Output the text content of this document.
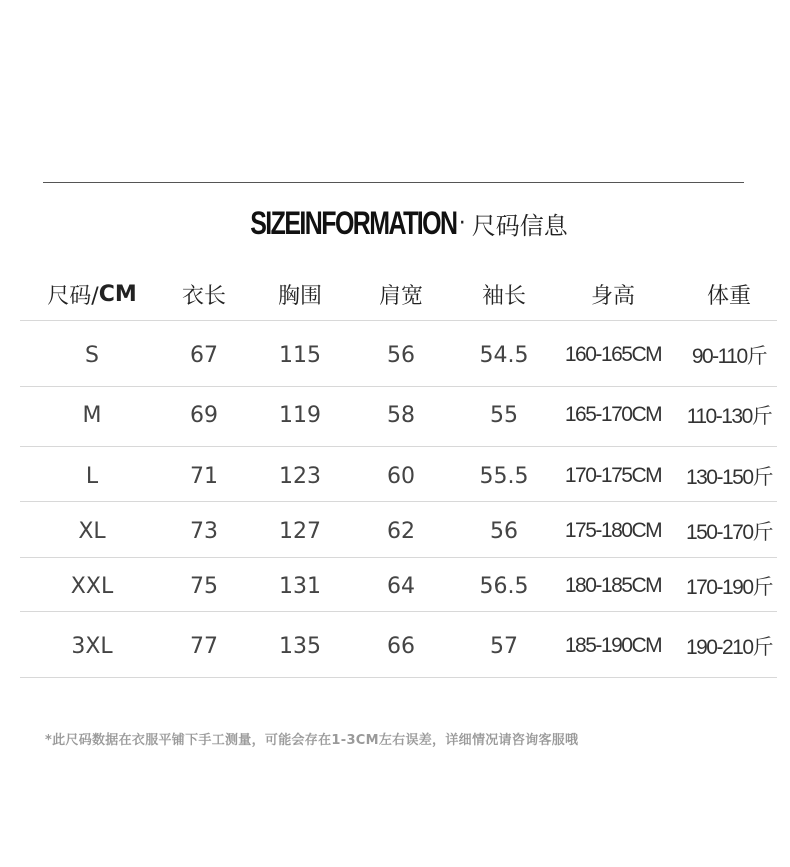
SIZEINFORMATION · 尺码信息
尺码/ CM	衣长	胸围	肩宽	袖长	身高	体重
S	67	115	56	54.5	160-165CM	90-110斤
M	69	119	58	55	165-170CM	110-130斤
L	71	123	60	55.5	170-175CM	130-150斤
XL	73	127	62	56	175-180CM	150-170斤
XXL	75	131	64	56.5	180-185CM	170-190斤
3XL	77	135	66	57	185-190CM	190-210斤
*此尺码数据在衣服平铺下手工测量，可能会存在1-3CM左右误差，详细情况请咨询客服哦
